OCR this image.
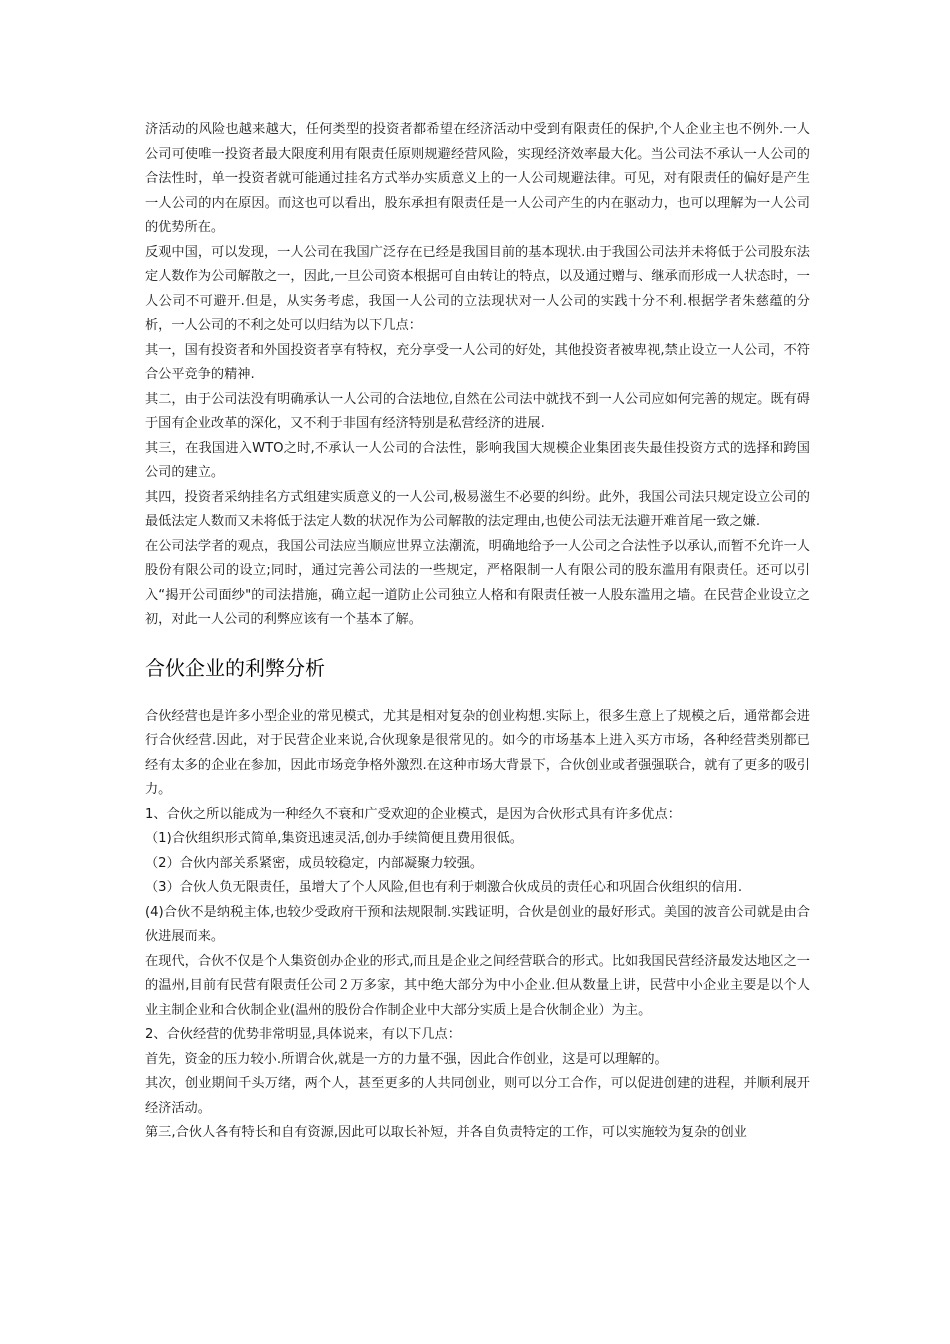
济活动的风险也越来越大，任何类型的投资者都希望在经济活动中受到有限责任的保护,个人企业主也不例外.一人公司可使唯一投资者最大限度利用有限责任原则规避经营风险，实现经济效率最大化。当公司法不承认一人公司的合法性时，单一投资者就可能通过挂名方式举办实质意义上的一人公司规避法律。可见，对有限责任的偏好是产生一人公司的内在原因。而这也可以看出，股东承担有限责任是一人公司产生的内在驱动力，也可以理解为一人公司的优势所在。

反观中国，可以发现，一人公司在我国广泛存在已经是我国目前的基本现状.由于我国公司法并未将低于公司股东法定人数作为公司解散之一，因此,一旦公司资本根据可自由转让的特点，以及通过赠与、继承而形成一人状态时，一人公司不可避开.但是，从实务考虑，我国一人公司的立法现状对一人公司的实践十分不利.根据学者朱慈蕴的分析，一人公司的不利之处可以归结为以下几点：

其一，国有投资者和外国投资者享有特权，充分享受一人公司的好处，其他投资者被卑视,禁止设立一人公司，不符合公平竞争的精神.

其二，由于公司法没有明确承认一人公司的合法地位,自然在公司法中就找不到一人公司应如何完善的规定。既有碍于国有企业改革的深化，又不利于非国有经济特别是私营经济的进展.

其三，在我国进入WTO之时,不承认一人公司的合法性，影响我国大规模企业集团丧失最佳投资方式的选择和跨国公司的建立。

其四，投资者采纳挂名方式组建实质意义的一人公司,极易滋生不必要的纠纷。此外，我国公司法只规定设立公司的最低法定人数而又未将低于法定人数的状况作为公司解散的法定理由,也使公司法无法避开难首尾一致之嫌.

在公司法学者的观点，我国公司法应当顺应世界立法潮流，明确地给予一人公司之合法性予以承认,而暂不允许一人股份有限公司的设立;同时，通过完善公司法的一些规定，严格限制一人有限公司的股东滥用有限责任。还可以引入“揭开公司面纱"的司法措施，确立起一道防止公司独立人格和有限责任被一人股东滥用之墙。在民营企业设立之初，对此一人公司的利弊应该有一个基本了解。

合伙企业的利弊分析

合伙经营也是许多小型企业的常见模式，尤其是相对复杂的创业构想.实际上，很多生意上了规模之后，通常都会进行合伙经营.因此，对于民营企业来说,合伙现象是很常见的。如今的市场基本上进入买方市场，各种经营类别都已经有太多的企业在参加，因此市场竞争格外激烈.在这种市场大背景下，合伙创业或者强强联合，就有了更多的吸引力。

1、合伙之所以能成为一种经久不衰和广受欢迎的企业模式，是因为合伙形式具有许多优点：

（1)合伙组织形式简单,集资迅速灵活,创办手续简便且费用很低。

（2）合伙内部关系紧密，成员较稳定，内部凝聚力较强。

（3）合伙人负无限责任，虽增大了个人风险,但也有利于刺激合伙成员的责任心和巩固合伙组织的信用.

(4)合伙不是纳税主体,也较少受政府干预和法规限制.实践证明，合伙是创业的最好形式。美国的波音公司就是由合伙进展而来。

在现代，合伙不仅是个人集资创办企业的形式,而且是企业之间经营联合的形式。比如我国民营经济最发达地区之一的温州,目前有民营有限责任公司２万多家，其中绝大部分为中小企业.但从数量上讲，民营中小企业主要是以个人业主制企业和合伙制企业(温州的股份合作制企业中大部分实质上是合伙制企业）为主。

2、合伙经营的优势非常明显,具体说来，有以下几点：

首先，资金的压力较小.所谓合伙,就是一方的力量不强，因此合作创业，这是可以理解的。

其次，创业期间千头万绪，两个人，甚至更多的人共同创业，则可以分工合作，可以促进创建的进程，并顺利展开经济活动。

第三,合伙人各有特长和自有资源,因此可以取长补短，并各自负责特定的工作，可以实施较为复杂的创业
